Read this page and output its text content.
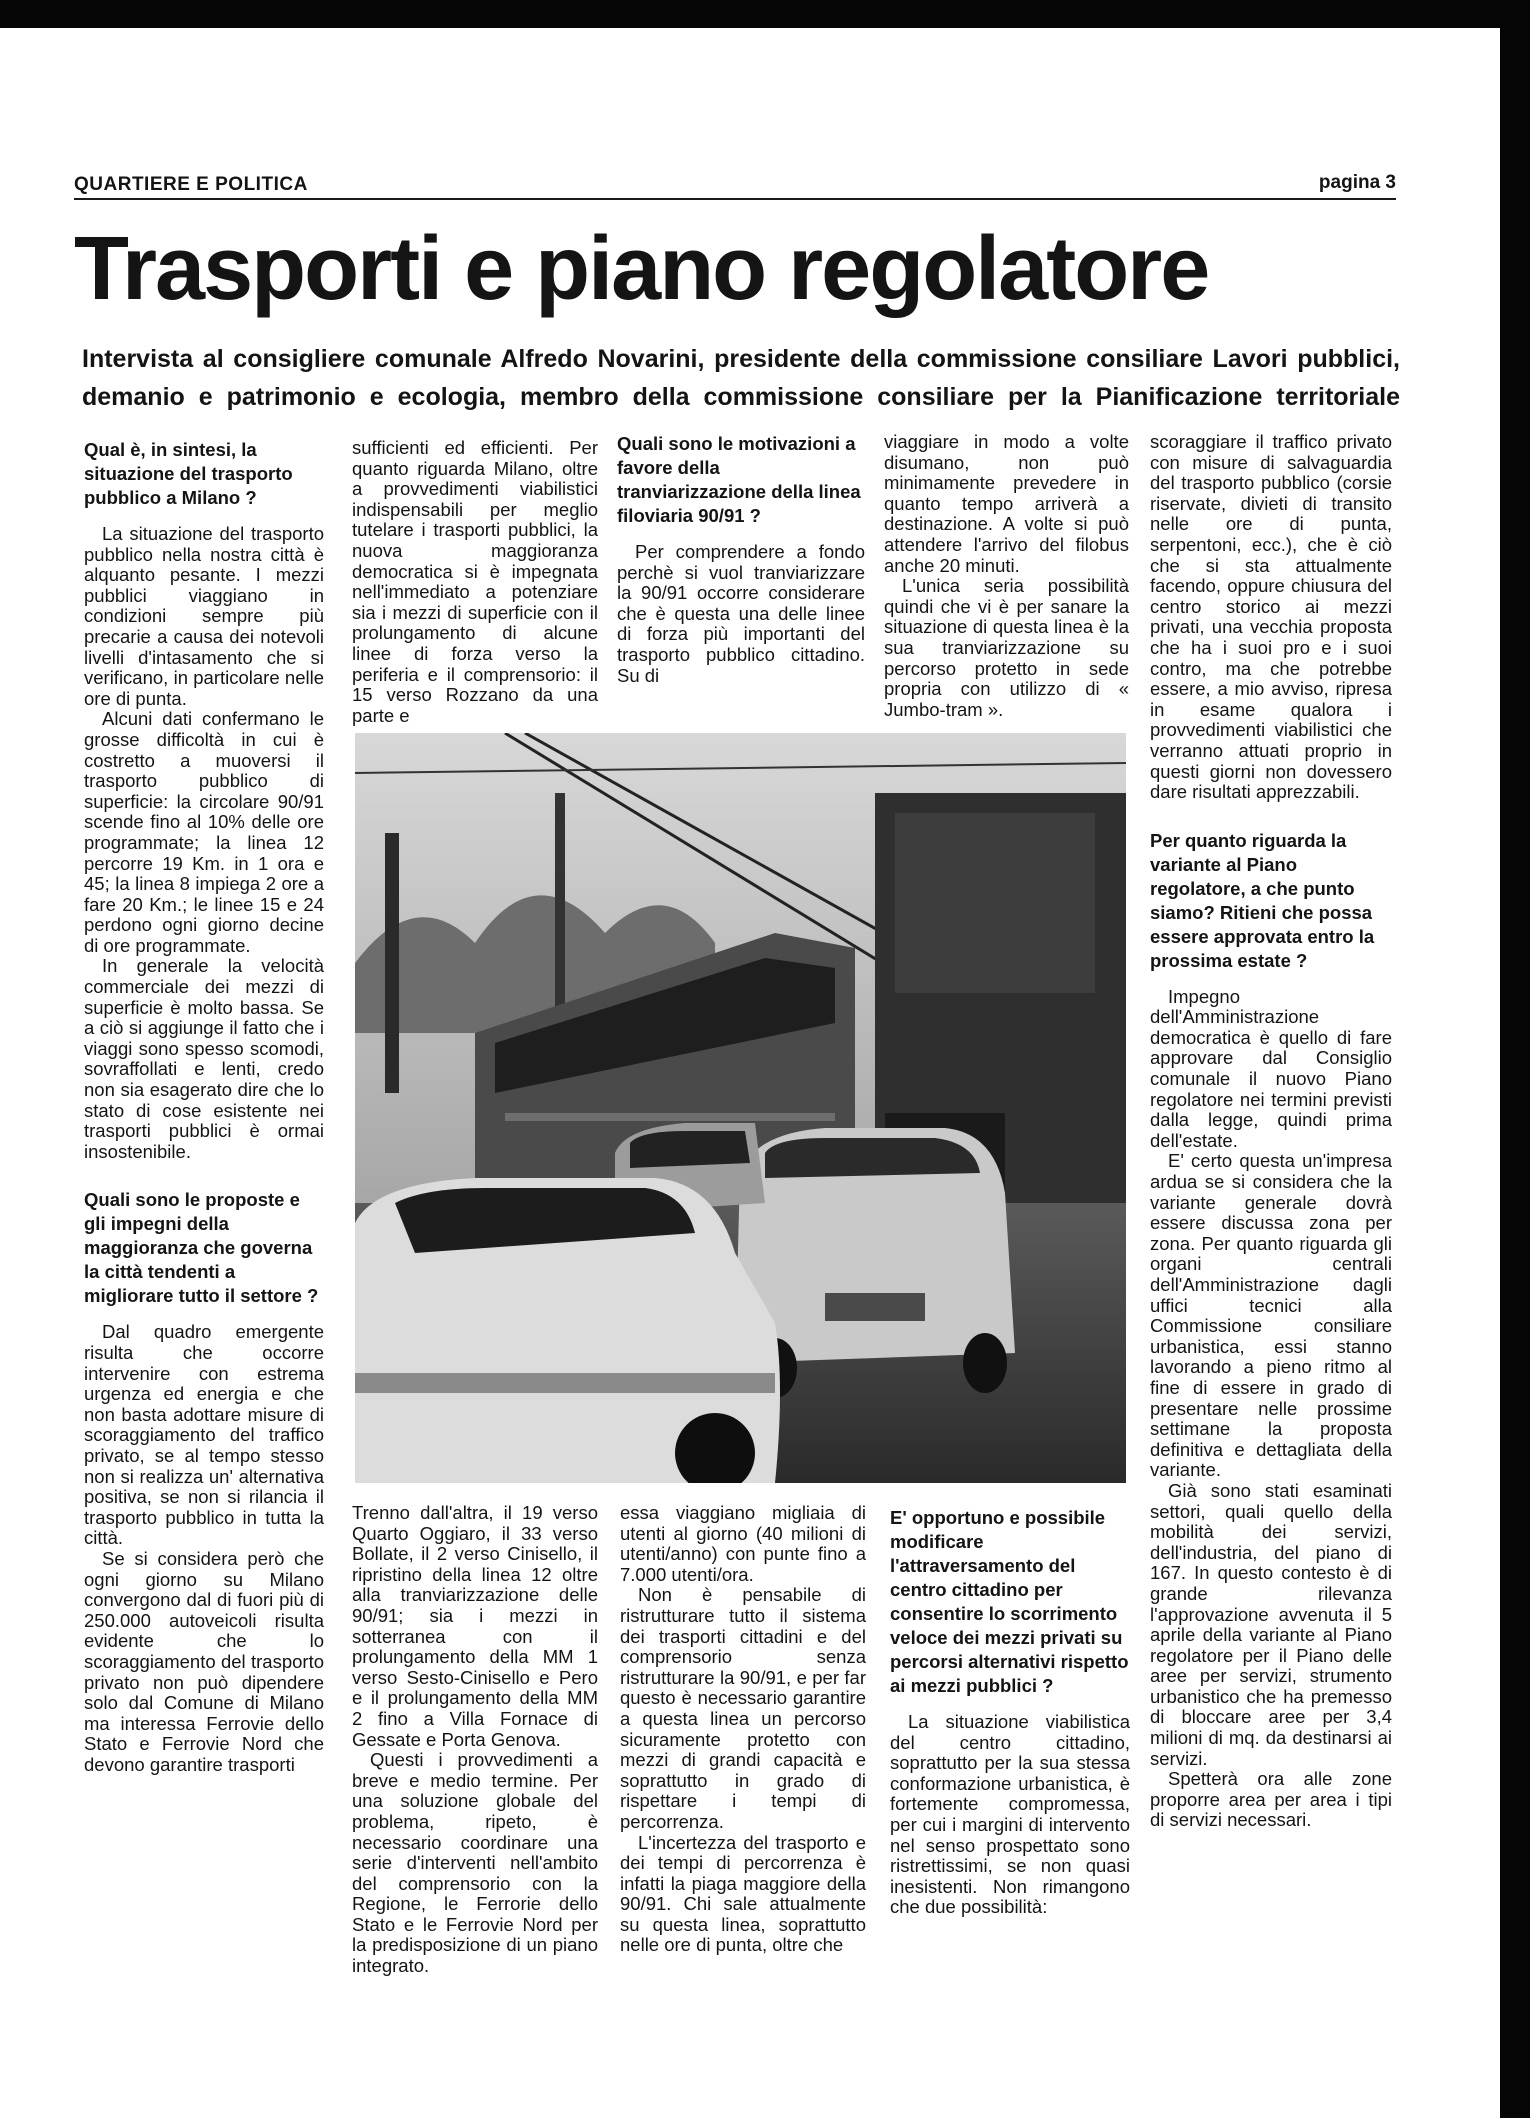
QUARTIERE E POLITICA	pagina 3
Trasporti e piano regolatore
Intervista al consigliere comunale Alfredo Novarini, presidente della commissione consiliare Lavori pubblici, demanio e patrimonio e ecologia, membro della commissione consiliare per la Pianificazione territoriale

Qual è, in sintesi, la situazione del trasporto pubblico a Milano ?

La situazione del trasporto pubblico nella nostra città è alquanto pesante. I mezzi pubblici viaggiano in condizioni sempre più precarie a causa dei notevoli livelli d'intasamento che si verificano, in particolare nelle ore di punta.

Alcuni dati confermano le grosse difficoltà in cui è costretto a muoversi il trasporto pubblico di superficie: la circolare 90/91 scende fino al 10% delle ore programmate; la linea 12 percorre 19 Km. in 1 ora e 45; la linea 8 impiega 2 ore a fare 20 Km.; le linee 15 e 24 perdono ogni giorno decine di ore programmate.

In generale la velocità commerciale dei mezzi di superficie è molto bassa. Se a ciò si aggiunge il fatto che i viaggi sono spesso scomodi, sovraffollati e lenti, credo non sia esagerato dire che lo stato di cose esistente nei trasporti pubblici è ormai insostenibile.

Quali sono le proposte e gli impegni della maggioranza che governa la città tendenti a migliorare tutto il settore ?

Dal quadro emergente risulta che occorre intervenire con estrema urgenza ed energia e che non basta adottare misure di scoraggiamento del traffico privato, se al tempo stesso non si realizza un' alternativa positiva, se non si rilancia il trasporto pubblico in tutta la città.

Se si considera però che ogni giorno su Milano convergono dal di fuori più di 250.000 autoveicoli risulta evidente che lo scoraggiamento del trasporto privato non può dipendere solo dal Comune di Milano ma interessa Ferrovie dello Stato e Ferrovie Nord che devono garantire trasporti

sufficienti ed efficienti. Per quanto riguarda Milano, oltre a provvedimenti viabilistici indispensabili per meglio tutelare i trasporti pubblici, la nuova maggioranza democratica si è impegnata nell'immediato a potenziare sia i mezzi di superficie con il prolungamento di alcune linee di forza verso la periferia e il comprensorio: il 15 verso Rozzano da una parte e

Quali sono le motivazioni a favore della tranviarizzazione della linea filoviaria 90/91 ?

Per comprendere a fondo perchè si vuol tranviarizzare la 90/91 occorre considerare che è questa una delle linee di forza più importanti del trasporto pubblico cittadino. Su di

viaggiare in modo a volte disumano, non può minimamente prevedere in quanto tempo arriverà a destinazione. A volte si può attendere l'arrivo del filobus anche 20 minuti.

L'unica seria possibilità quindi che vi è per sanare la situazione di questa linea è la sua tranviarizzazione su percorso protetto in sede propria con utilizzo di « Jumbo-tram ».

Trenno dall'altra, il 19 verso Quarto Oggiaro, il 33 verso Bollate, il 2 verso Cinisello, il ripristino della linea 12 oltre alla tranviarizzazione delle 90/91; sia i mezzi in sotterranea con il prolungamento della MM 1 verso Sesto-Cinisello e Pero e il prolungamento della MM 2 fino a Villa Fornace di Gessate e Porta Genova.

Questi i provvedimenti a breve e medio termine. Per una soluzione globale del problema, ripeto, è necessario coordinare una serie d'interventi nell'ambito del comprensorio con la Regione, le Ferrorie dello Stato e le Ferrovie Nord per la predisposizione di un piano integrato.

essa viaggiano migliaia di utenti al giorno (40 milioni di utenti/anno) con punte fino a 7.000 utenti/ora.

Non è pensabile di ristrutturare tutto il sistema dei trasporti cittadini e del comprensorio senza ristrutturare la 90/91, e per far questo è necessario garantire a questa linea un percorso sicuramente protetto con mezzi di grandi capacità e soprattutto in grado di rispettare i tempi di percorrenza.

L'incertezza del trasporto e dei tempi di percorrenza è infatti la piaga maggiore della 90/91. Chi sale attualmente su questa linea, soprattutto nelle ore di punta, oltre che

E' opportuno e possibile modificare l'attraversamento del centro cittadino per consentire lo scorrimento veloce dei mezzi privati su percorsi alternativi rispetto ai mezzi pubblici ?

La situazione viabilistica del centro cittadino, soprattutto per la sua stessa conformazione urbanistica, è fortemente compromessa, per cui i margini di intervento nel senso prospettato sono ristrettissimi, se non quasi inesistenti. Non rimangono che due possibilità:

scoraggiare il traffico privato con misure di salvaguardia del trasporto pubblico (corsie riservate, divieti di transito nelle ore di punta, serpentoni, ecc.), che è ciò che si sta attualmente facendo, oppure chiusura del centro storico ai mezzi privati, una vecchia proposta che ha i suoi pro e i suoi contro, ma che potrebbe essere, a mio avviso, ripresa in esame qualora i provvedimenti viabilistici che verranno attuati proprio in questi giorni non dovessero dare risultati apprezzabili.

Per quanto riguarda la variante al Piano regolatore, a che punto siamo? Ritieni che possa essere approvata entro la prossima estate ?

Impegno dell'Amministrazione democratica è quello di fare approvare dal Consiglio comunale il nuovo Piano regolatore nei termini previsti dalla legge, quindi prima dell'estate.

E' certo questa un'impresa ardua se si considera che la variante generale dovrà essere discussa zona per zona. Per quanto riguarda gli organi centrali dell'Amministrazione dagli uffici tecnici alla Commissione consiliare urbanistica, essi stanno lavorando a pieno ritmo al fine di essere in grado di presentare nelle prossime settimane la proposta definitiva e dettagliata della variante.

Già sono stati esaminati settori, quali quello della mobilità dei servizi, dell'industria, del piano di 167. In questo contesto è di grande rilevanza l'approvazione avvenuta il 5 aprile della variante al Piano regolatore per il Piano delle aree per servizi, strumento urbanistico che ha premesso di bloccare aree per 3,4 milioni di mq. da destinarsi ai servizi.

Spetterà ora alle zone proporre area per area i tipi di servizi necessari.
